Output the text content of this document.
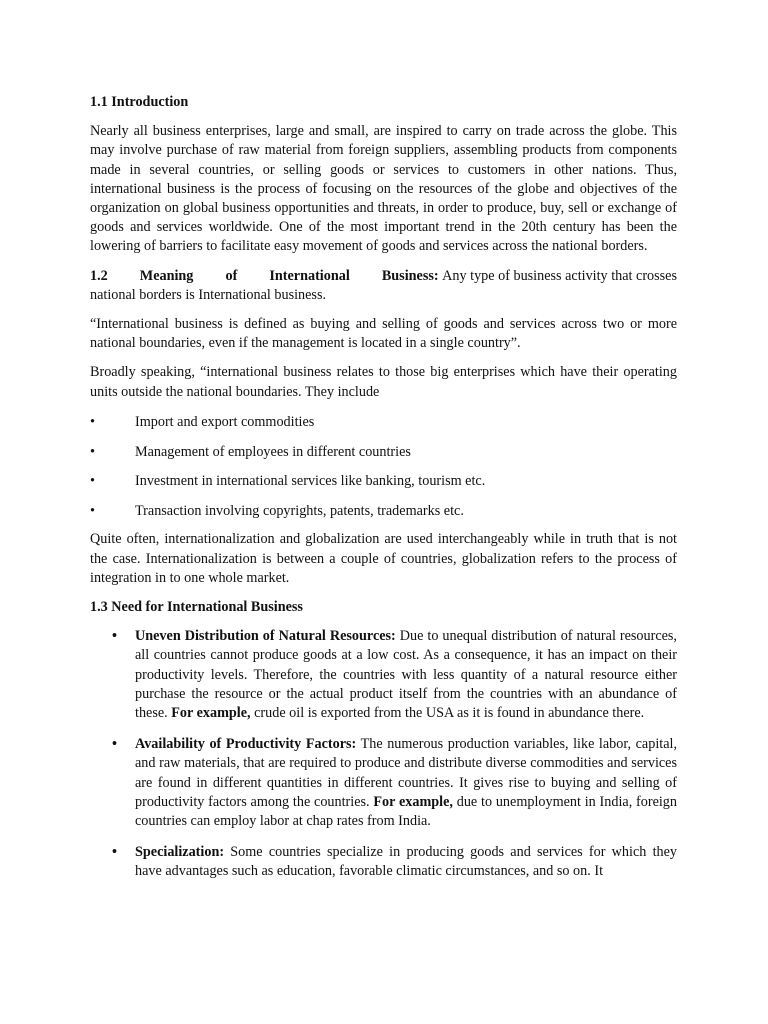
1.1 Introduction

Nearly all business enterprises, large and small, are inspired to carry on trade across the globe. This may involve purchase of raw material from foreign suppliers, assembling products from components made in several countries, or selling goods or services to customers in other nations. Thus, international business is the process of focusing on the resources of the globe and objectives of the organization on global business opportunities and threats, in order to produce, buy, sell or exchange of goods and services worldwide. One of the most important trend in the 20th century has been the lowering of barriers to facilitate easy movement of goods and services across the national borders.

1.2 Meaning of International Business: Any type of business activity that crosses

national borders is International business.

“International business is defined as buying and selling of goods and services across two or more national boundaries, even if the management is located in a single country”.

Broadly speaking, “international business relates to those big enterprises which have their operating units outside the national boundaries. They include

•	Import and export commodities
•	Management of employees in different countries
•	Investment in international services like banking, tourism etc.
•	Transaction involving copyrights, patents, trademarks etc.

Quite often, internationalization and globalization are used interchangeably while in truth that is not the case. Internationalization is between a couple of countries, globalization refers to the process of integration in to one whole market.

1.3 Need for International Business
•	Uneven Distribution of Natural Resources: Due to unequal distribution of natural resources, all countries cannot produce goods at a low cost. As a consequence, it has an impact on their productivity levels. Therefore, the countries with less quantity of a natural resource either purchase the resource or the actual product itself from the countries with an abundance of these. For example, crude oil is exported from the USA as it is found in abundance there.
•	Availability of Productivity Factors: The numerous production variables, like labor, capital, and raw materials, that are required to produce and distribute diverse commodities and services are found in different quantities in different countries. It gives rise to buying and selling of productivity factors among the countries. For example, due to unemployment in India, foreign countries can employ labor at chap rates from India.
•	Specialization: Some countries specialize in producing goods and services for which they have advantages such as education, favorable climatic circumstances, and so on. It
